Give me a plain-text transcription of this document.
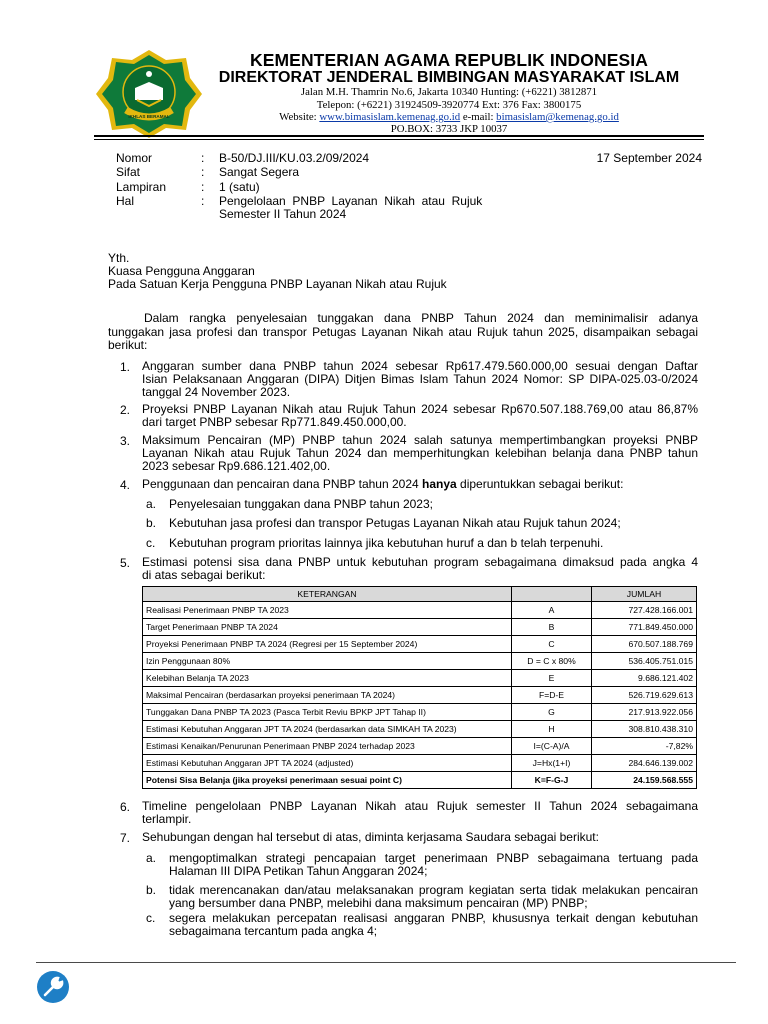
IKHLAS BERAMAL
KEMENTERIAN AGAMA REPUBLIK INDONESIA
DIREKTORAT JENDERAL BIMBINGAN MASYARAKAT ISLAM
Jalan M.H. Thamrin No.6, Jakarta 10340 Hunting: (+6221) 3812871
Telepon: (+6221) 31924509-3920774 Ext: 376 Fax: 3800175
Website: www.bimasislam.kemenag.go.id e-mail: bimasislam@kemenag.go.id
PO.BOX: 3733 JKP 10037
Nomor	: B-50/DJ.III/KU.03.2/09/2024	17 September 2024
Sifat	: Sangat Segera
Lampiran	: 1 (satu)
Hal	: Pengelolaan  PNBP  Layanan  Nikah  atau  Rujuk
Semester II Tahun 2024
Yth.
Kuasa Pengguna Anggaran
Pada Satuan Kerja Pengguna PNBP Layanan Nikah atau Rujuk
Dalam rangka penyelesaian tunggakan dana PNBP Tahun 2024 dan meminimalisir adanya
tunggakan jasa profesi dan transpor Petugas Layanan Nikah atau Rujuk tahun 2025, disampaikan sebagai
berikut:
1. Anggaran sumber dana PNBP tahun 2024 sebesar Rp617.479.560.000,00 sesuai dengan Daftar
Isian Pelaksanaan Anggaran (DIPA) Ditjen Bimas Islam Tahun 2024 Nomor: SP DIPA-025.03-0/2024
tanggal 24 November 2023.
2. Proyeksi PNBP Layanan Nikah atau Rujuk Tahun 2024 sebesar Rp670.507.188.769,00 atau 86,87%
dari target PNBP sebesar Rp771.849.450.000,00.
3. Maksimum Pencairan (MP) PNBP tahun 2024 salah satunya mempertimbangkan proyeksi PNBP
Layanan Nikah atau Rujuk Tahun 2024 dan memperhitungkan kelebihan belanja dana PNBP tahun
2023 sebesar Rp9.686.121.402,00.
4. Penggunaan dan pencairan dana PNBP tahun 2024 hanya diperuntukkan sebagai berikut:
a. Penyelesaian tunggakan dana PNBP tahun 2023;
b. Kebutuhan jasa profesi dan transpor Petugas Layanan Nikah atau Rujuk tahun 2024;
c. Kebutuhan program prioritas lainnya jika kebutuhan huruf a dan b telah terpenuhi.
5. Estimasi potensi sisa dana PNBP untuk kebutuhan program sebagaimana dimaksud pada angka 4
di atas sebagai berikut:
KETERANGAN		JUMLAH
Realisasi Penerimaan PNBP TA 2023	A	727.428.166.001
Target Penerimaan PNBP TA 2024	B	771.849.450.000
Proyeksi Penerimaan PNBP TA 2024 (Regresi per 15 September 2024)	C	670.507.188.769
Izin Penggunaan 80%	D = C x 80%	536.405.751.015
Kelebihan Belanja TA 2023	E	9.686.121.402
Maksimal Pencairan (berdasarkan proyeksi penerimaan TA 2024)	F=D-E	526.719.629.613
Tunggakan Dana PNBP TA 2023 (Pasca Terbit Reviu BPKP JPT Tahap II)	G	217.913.922.056
Estimasi Kebutuhan Anggaran JPT TA 2024 (berdasarkan data SIMKAH TA 2023)	H	308.810.438.310
Estimasi Kenaikan/Penurunan Penerimaan PNBP 2024 terhadap 2023	I=(C-A)/A	-7,82%
Estimasi Kebutuhan Anggaran JPT TA 2024 (adjusted)	J=Hx(1+I)	284.646.139.002
Potensi Sisa Belanja (jika proyeksi penerimaan sesuai point C)	K=F-G-J	24.159.568.555
6. Timeline pengelolaan PNBP Layanan Nikah atau Rujuk semester II Tahun 2024 sebagaimana
terlampir.
7. Sehubungan dengan hal tersebut di atas, diminta kerjasama Saudara sebagai berikut:
a. mengoptimalkan strategi pencapaian target penerimaan PNBP sebagaimana tertuang pada
Halaman III DIPA Petikan Tahun Anggaran 2024;
b. tidak merencanakan dan/atau melaksanakan program kegiatan serta tidak melakukan pencairan
yang bersumber dana PNBP, melebihi dana maksimum pencairan (MP) PNBP;
c. segera melakukan percepatan realisasi anggaran PNBP, khususnya terkait dengan kebutuhan
sebagaimana tercantum pada angka 4;
